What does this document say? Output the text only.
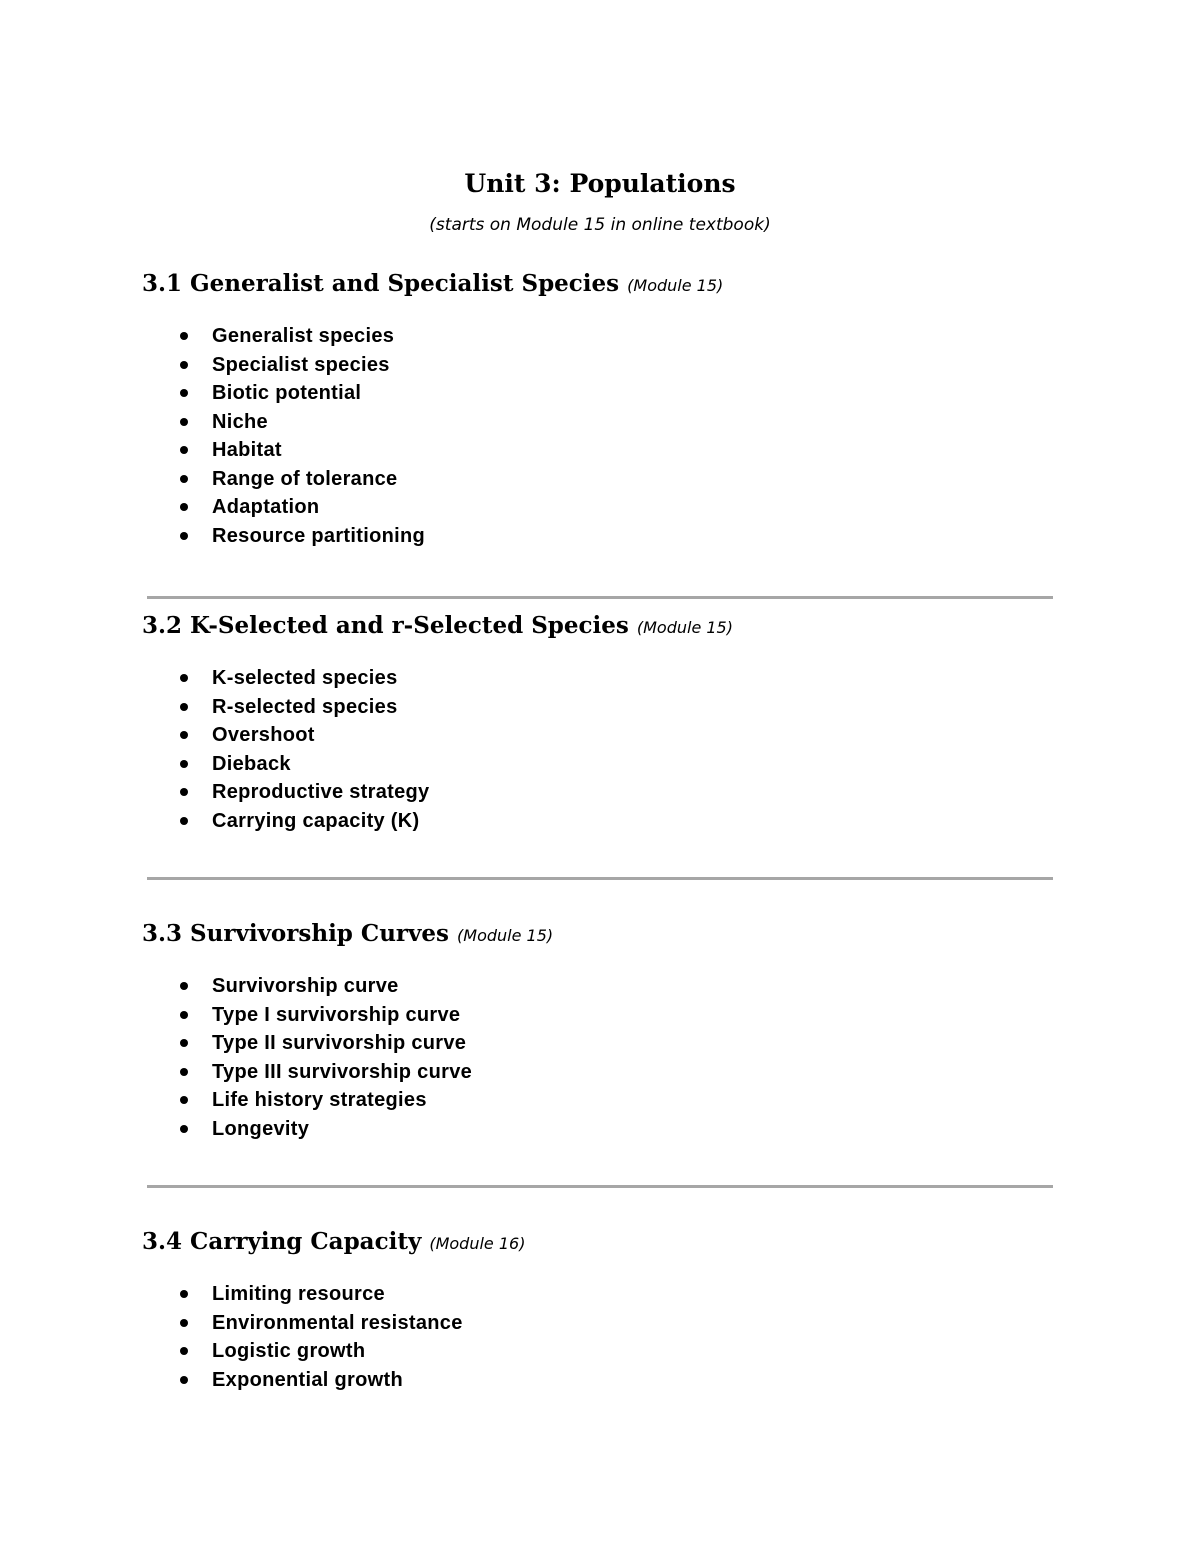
Unit 3: Populations

(starts on Module 15 in online textbook)

3.1 Generalist and Specialist Species (Module 15)
Generalist species
Specialist species
Biotic potential
Niche
Habitat
Range of tolerance
Adaptation
Resource partitioning
3.2 K-Selected and r-Selected Species (Module 15)
K-selected species
R-selected species
Overshoot
Dieback
Reproductive strategy
Carrying capacity (K)
3.3 Survivorship Curves (Module 15)
Survivorship curve
Type I survivorship curve
Type II survivorship curve
Type III survivorship curve
Life history strategies
Longevity
3.4 Carrying Capacity (Module 16)
Limiting resource
Environmental resistance
Logistic growth
Exponential growth
